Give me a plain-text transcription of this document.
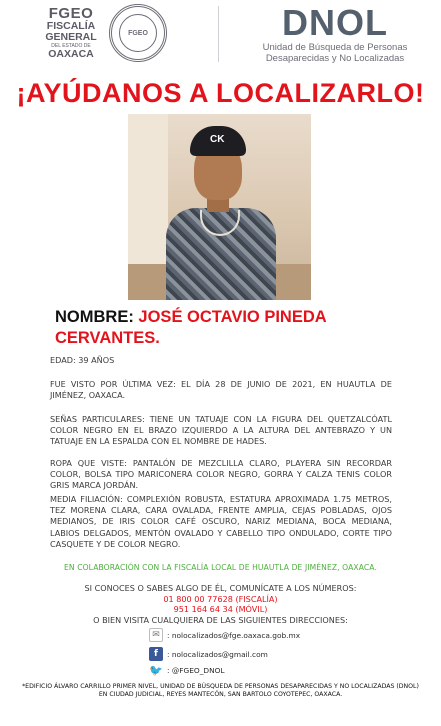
FGEO
FISCALÍA
GENERAL
DEL ESTADO DE
OAXACA
FGEO	DNOL
Unidad de Búsqueda de Personas
Desaparecidas y No Localizadas
¡AYÚDANOS A LOCALIZARLO!
CK
NOMBRE: JOSÉ OCTAVIO PINEDA
CERVANTES.
EDAD: 39 AÑOS
FUE VISTO POR ÚLTIMA VEZ: EL DÍA 28 DE JUNIO DE 2021, EN HUAUTLA DE JIMÉNEZ, OAXACA.
SEÑAS PARTICULARES: TIENE UN TATUAJE CON LA FIGURA DEL QUETZALCÓATL COLOR NEGRO EN EL BRAZO IZQUIERDO A LA ALTURA DEL ANTEBRAZO Y UN TATUAJE EN LA ESPALDA CON EL NOMBRE DE HADES.
ROPA QUE VISTE: PANTALÓN DE MEZCLILLA CLARO, PLAYERA SIN RECORDAR COLOR, BOLSA TIPO MARICONERA COLOR NEGRO, GORRA Y CALZA TENIS COLOR GRIS MARCA JORDÁN.
MEDIA FILIACIÓN: COMPLEXIÓN ROBUSTA, ESTATURA APROXIMADA 1.75 METROS, TEZ MORENA CLARA, CARA OVALADA, FRENTE AMPLIA, CEJAS POBLADAS, OJOS MEDIANOS, DE IRIS COLOR CAFÉ OSCURO, NARIZ MEDIANA, BOCA MEDIANA, LABIOS DELGADOS, MENTÓN OVALADO Y CABELLO TIPO ONDULADO, CORTE TIPO CASQUETE Y DE COLOR NEGRO.
EN COLABORACIÓN CON LA FISCALÍA LOCAL DE HUAUTLA DE JIMÉNEZ, OAXACA.
SI CONOCES O SABES ALGO DE ÉL, COMUNÍCATE A LOS NÚMEROS:
01 800 00 77628 (FISCALÍA)
951 164 64 34 (MÓVIL)
O BIEN VISITA CUALQUIERA DE LAS SIGUIENTES DIRECCIONES:
✉ : nolocalizados@fge.oaxaca.gob.mx
f	: nolocalizados@gmail.com
🐦 : @FGEO_DNOL
*EDIFICIO ÁLVARO CARRILLO PRIMER NIVEL, UNIDAD DE BÚSQUEDA DE PERSONAS DESAPARECIDAS Y NO LOCALIZADAS (DNOL) EN CIUDAD JUDICIAL, REYES MANTECÓN, SAN BARTOLO COYOTEPEC, OAXACA.
